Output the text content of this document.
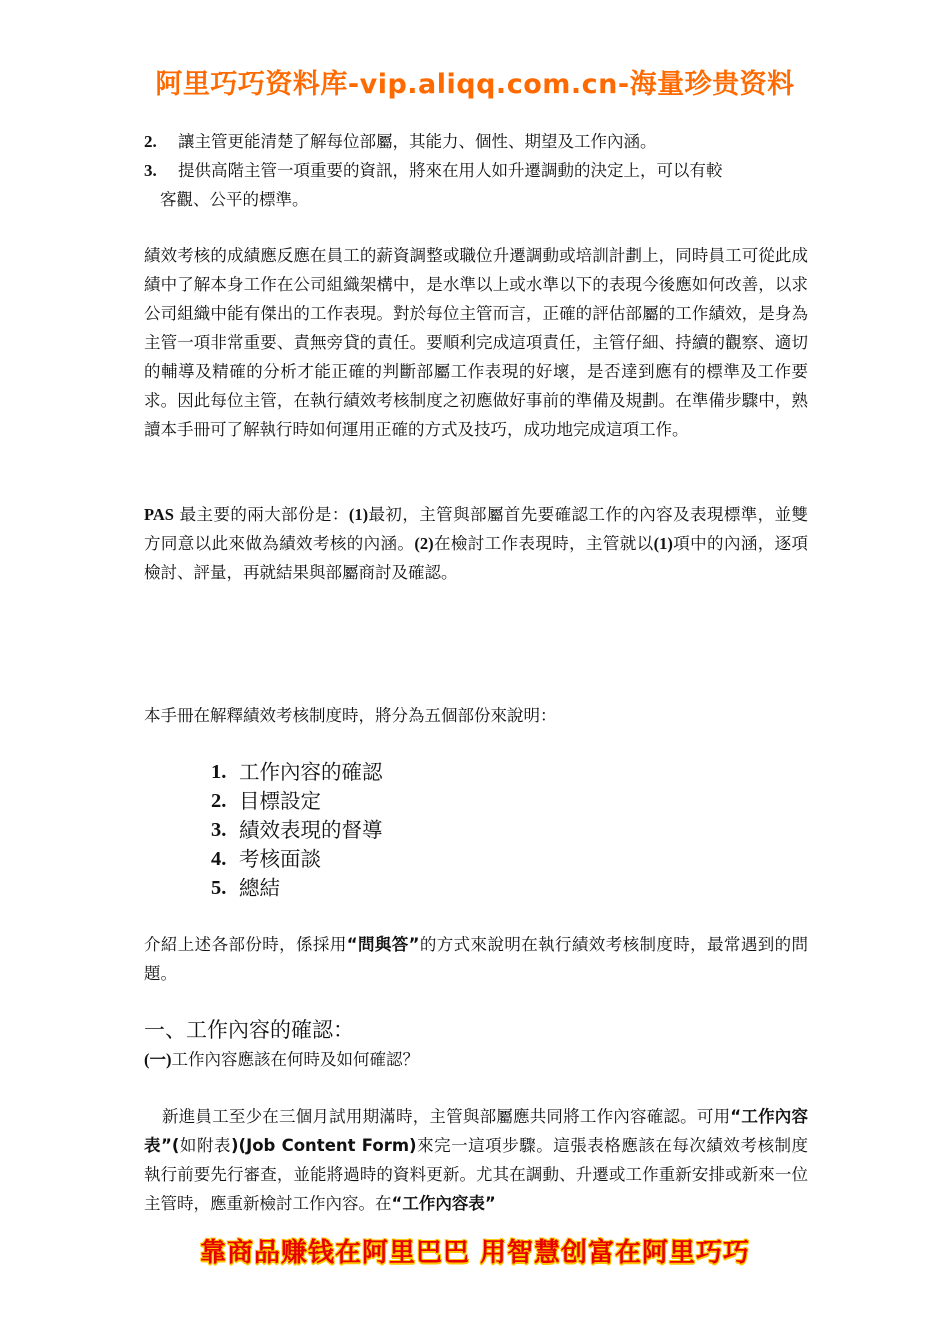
阿里巧巧资料库-vip.aliqq.com.cn-海量珍贵资料
2.	讓主管更能清楚了解每位部屬，其能力、個性、期望及工作內涵。
3.	提供高階主管一項重要的資訊，將來在用人如升遷調動的決定上，可以有較
客觀、公平的標準。

績效考核的成績應反應在員工的薪資調整或職位升遷調動或培訓計劃上，同時員工可從此成績中了解本身工作在公司組織架構中，是水準以上或水準以下的表現今後應如何改善，以求公司組織中能有傑出的工作表現。對於每位主管而言，正確的評估部屬的工作績效，是身為主管一項非常重要、責無旁貸的責任。要順利完成這項責任，主管仔細、持續的觀察、適切的輔導及精確的分析才能正確的判斷部屬工作表現的好壞，是否達到應有的標準及工作要求。因此每位主管，在執行績效考核制度之初應做好事前的準備及規劃。在準備步驟中，熟讀本手冊可了解執行時如何運用正確的方式及技巧，成功地完成這項工作。

PAS 最主要的兩大部份是：(1)最初，主管與部屬首先要確認工作的內容及表現標準，並雙方同意以此來做為績效考核的內涵。(2)在檢討工作表現時，主管就以(1)項中的內涵，逐項檢討、評量，再就結果與部屬商討及確認。

本手冊在解釋績效考核制度時，將分為五個部份來說明：

1. 工作內容的確認
2. 目標設定
3. 績效表現的督導
4. 考核面談
5. 總結

介紹上述各部份時，係採用“問與答”的方式來說明在執行績效考核制度時，最常遇到的問題。

一、工作內容的確認：
(一)工作內容應該在何時及如何確認？

新進員工至少在三個月試用期滿時，主管與部屬應共同將工作內容確認。可用“工作內容表”(如附表)(Job Content Form)來完一這項步驟。這張表格應該在每次績效考核制度執行前要先行審查，並能將過時的資料更新。尤其在調動、升遷或工作重新安排或新來一位主管時，應重新檢討工作內容。在“工作內容表”

靠商品赚钱在阿里巴巴 用智慧创富在阿里巧巧
